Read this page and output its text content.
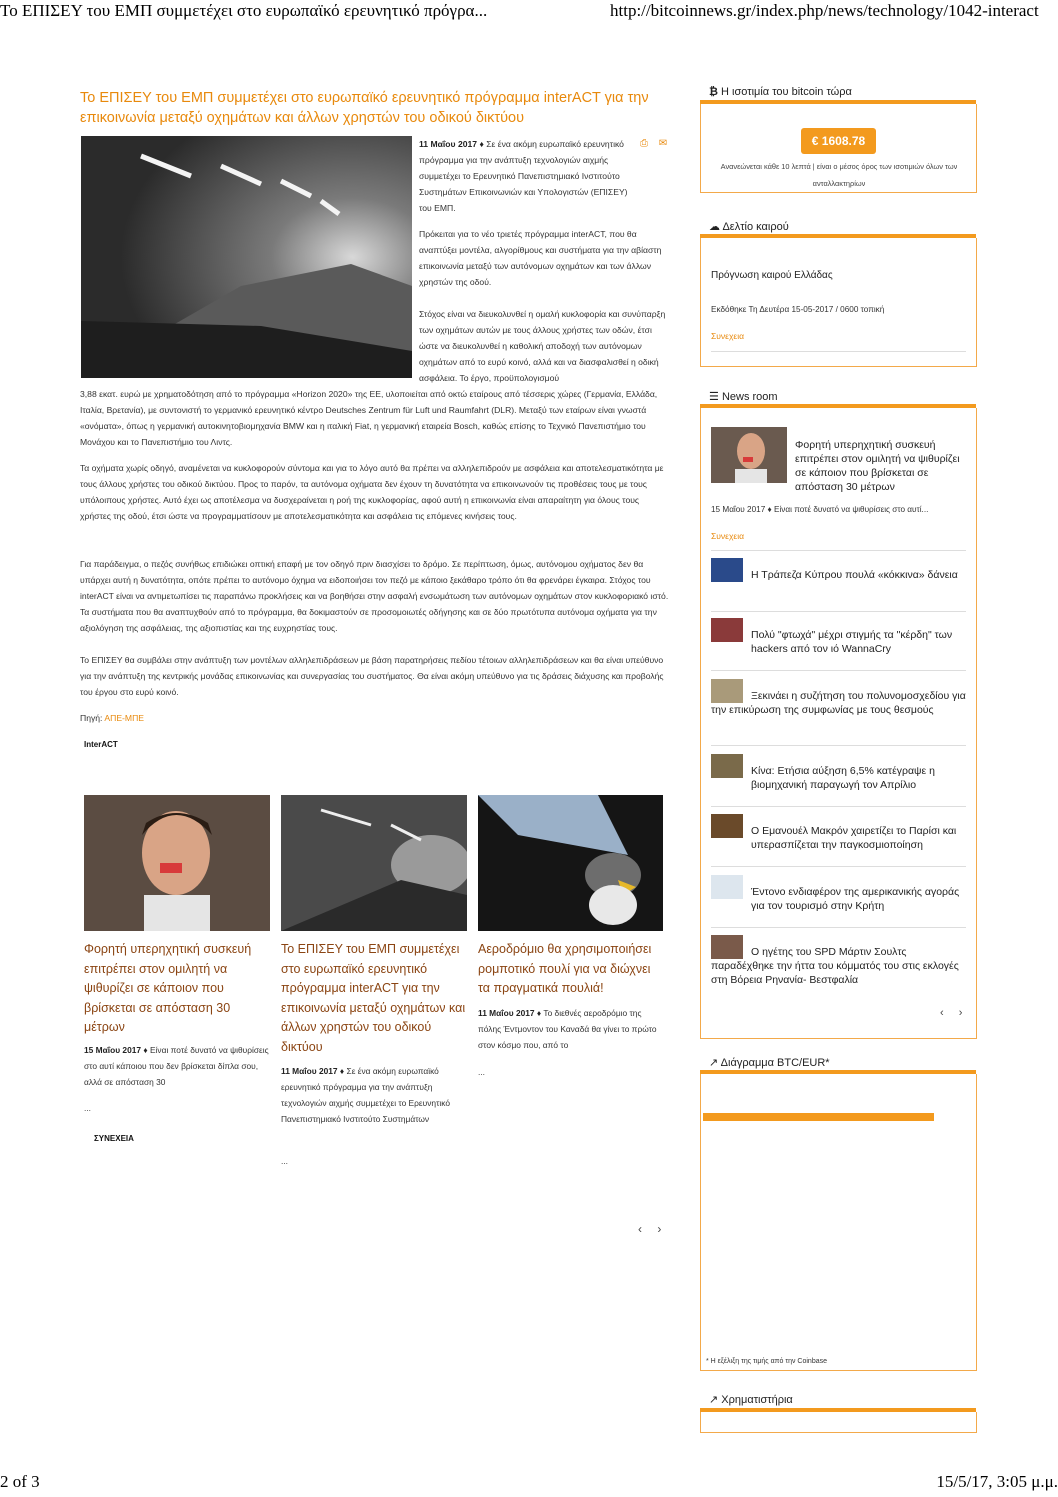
Το ΕΠΙΣΕΥ του ΕΜΠ συμμετέχει στο ευρωπαϊκό ερευνητικό πρόγρα...	http://bitcoinnews.gr/index.php/news/technology/1042-interact
Το ΕΠΙΣΕΥ του ΕΜΠ συμμετέχει στο ευρωπαϊκό ερευνητικό πρόγραμμα interACT για την επικοινωνία μεταξύ οχημάτων και άλλων χρηστών του οδικού δικτύου
11 Μαΐου 2017 ♦ Σε ένα ακόμη ευρωπαϊκό ερευνητικό πρόγραμμα για την ανάπτυξη τεχνολογιών αιχμής συμμετέχει το Ερευνητικό Πανεπιστημιακό Ινστιτούτο Συστημάτων Επικοινωνιών και Υπολογιστών (ΕΠΙΣΕΥ) του ΕΜΠ.
⎙ ✉

Πρόκειται για το νέο τριετές πρόγραμμα interACT, που θα αναπτύξει μοντέλα, αλγορίθμους και συστήματα για την αβίαστη επικοινωνία μεταξύ των αυτόνομων οχημάτων και των άλλων χρηστών της οδού.

Στόχος είναι να διευκολυνθεί η ομαλή κυκλοφορία και συνύπαρξη των οχημάτων αυτών με τους άλλους χρήστες των οδών, έτσι ώστε να διευκολυνθεί η καθολική αποδοχή των αυτόνομων οχημάτων από το ευρύ κοινό, αλλά και να διασφαλισθεί η οδική ασφάλεια. Το έργο, προϋπολογισμού

3,88 εκατ. ευρώ με χρηματοδότηση από το πρόγραμμα «Horizon 2020» της ΕΕ, υλοποιείται από οκτώ εταίρους από τέσσερις χώρες (Γερμανία, Ελλάδα, Ιταλία, Βρετανία), με συντονιστή το γερμανικό ερευνητικό κέντρο Deutsches Zentrum für Luft und Raumfahrt (DLR). Μεταξύ των εταίρων είναι γνωστά «ονόματα», όπως η γερμανική αυτοκινητοβιομηχανία BMW και η ιταλική Fiat, η γερμανική εταιρεία Bosch, καθώς επίσης το Τεχνικό Πανεπιστήμιο του Μονάχου και το Πανεπιστήμιο του Λιντς.

Τα οχήματα χωρίς οδηγό, αναμένεται να κυκλοφορούν σύντομα και για το λόγο αυτό θα πρέπει να αλληλεπιδρούν με ασφάλεια και αποτελεσματικότητα με τους άλλους χρήστες του οδικού δικτύου. Προς το παρόν, τα αυτόνομα οχήματα δεν έχουν τη δυνατότητα να επικοινωνούν τις προθέσεις τους με τους υπόλοιπους χρήστες. Αυτό έχει ως αποτέλεσμα να δυσχεραίνεται η ροή της κυκλοφορίας, αφού αυτή η επικοινωνία είναι απαραίτητη για όλους τους χρήστες της οδού, έτσι ώστε να προγραμματίσουν με αποτελεσματικότητα και ασφάλεια τις επόμενες κινήσεις τους.

Για παράδειγμα, ο πεζός συνήθως επιδιώκει οπτική επαφή με τον οδηγό πριν διασχίσει το δρόμο. Σε περίπτωση, όμως, αυτόνομου οχήματος δεν θα υπάρχει αυτή η δυνατότητα, οπότε πρέπει το αυτόνομο όχημα να ειδοποιήσει τον πεζό με κάποιο ξεκάθαρο τρόπο ότι θα φρενάρει έγκαιρα. Στόχος του interACT είναι να αντιμετωπίσει τις παραπάνω προκλήσεις και να βοηθήσει στην ασφαλή ενσωμάτωση των αυτόνομων οχημάτων στον κυκλοφοριακό ιστό. Τα συστήματα που θα αναπτυχθούν από το πρόγραμμα, θα δοκιμαστούν σε προσομοιωτές οδήγησης και σε δύο πρωτότυπα αυτόνομα οχήματα για την αξιολόγηση της ασφάλειας, της αξιοπιστίας και της ευχρηστίας τους.

Το ΕΠΙΣΕΥ θα συμβάλει στην ανάπτυξη των μοντέλων αλληλεπιδράσεων με βάση παρατηρήσεις πεδίου τέτοιων αλληλεπιδράσεων και θα είναι υπεύθυνο για την ανάπτυξη της κεντρικής μονάδας επικοινωνίας και συνεργασίας του συστήματος. Θα είναι ακόμη υπεύθυνο για τις δράσεις διάχυσης και προβολής του έργου στο ευρύ κοινό.

Πηγή: ΑΠΕ-ΜΠΕ
InterACT
Φορητή υπερηχητική συσκευή επιτρέπει στον ομιλητή να ψιθυρίζει σε κάποιον που βρίσκεται σε απόσταση 30 μέτρων
15 Μαΐου 2017 ♦ Είναι ποτέ δυνατό να ψιθυρίσεις στο αυτί κάποιου που δεν βρίσκεται δίπλα σου, αλλά σε απόσταση 30
...
ΣΥΝΕΧΕΙΑ
Το ΕΠΙΣΕΥ του ΕΜΠ συμμετέχει στο ευρωπαϊκό ερευνητικό πρόγραμμα interACT για την επικοινωνία μεταξύ οχημάτων και άλλων χρηστών του οδικού δικτύου
11 Μαΐου 2017 ♦ Σε ένα ακόμη ευρωπαϊκό ερευνητικό πρόγραμμα για την ανάπτυξη τεχνολογιών αιχμής συμμετέχει το Ερευνητικό Πανεπιστημιακό Ινστιτούτο Συστημάτων
...
Αεροδρόμιο θα χρησιμοποιήσει ρομποτικό πουλί για να διώχνει τα πραγματικά πουλιά!
11 Μαΐου 2017 ♦ Το διεθνές αεροδρόμιο της πόλης Έντμοντον του Καναδά θα γίνει το πρώτο στον κόσμο που, από το
...
‹ ›
₿ Η ισοτιμία του bitcoin τώρα
€ 1608.78
Ανανεώνεται κάθε 10 λεπτά | είναι ο μέσος όρος των ισοτιμιών όλων των ανταλλακτηρίων
☁ Δελτίο καιρού
Πρόγνωση καιρού Ελλάδας
Εκδόθηκε Τη Δευτέρα 15-05-2017 / 0600 τοπική
Συνεχεια
☰ News room
Φορητή υπερηχητική συσκευή επιτρέπει στον ομιλητή να ψιθυρίζει σε κάποιον που βρίσκεται σε απόσταση 30 μέτρων
15 Μαΐου 2017 ♦ Είναι ποτέ δυνατό να ψιθυρίσεις στο αυτί...
Συνεχεια
Η Τράπεζα Κύπρου πουλά «κόκκινα» δάνεια
Πολύ "φτωχά" μέχρι στιγμής τα "κέρδη" των hackers από τον ιό WannaCry
Ξεκινάει η συζήτηση του πολυνομοσχεδίου για την επικύρωση της συμφωνίας με τους θεσμούς
Κίνα: Ετήσια αύξηση 6,5% κατέγραψε η βιομηχανική παραγωγή τον Απρίλιο
Ο Εμανουέλ Μακρόν χαιρετίζει το Παρίσι και υπερασπίζεται την παγκοσμιοποίηση
Έντονο ενδιαφέρον της αμερικανικής αγοράς για τον τουρισμό στην Κρήτη
Ο ηγέτης του SPD Μάρτιν Σουλτς παραδέχθηκε την ήττα του κόμματός του στις εκλογές στη Βόρεια Ρηνανία- Βεστφαλία
‹ ›
↗ Διάγραμμα BTC/EUR*
* Η εξέλιξη της τιμής από την Coinbase
↗ Χρηματιστήρια
2 of 3	15/5/17, 3:05 μ.μ.
